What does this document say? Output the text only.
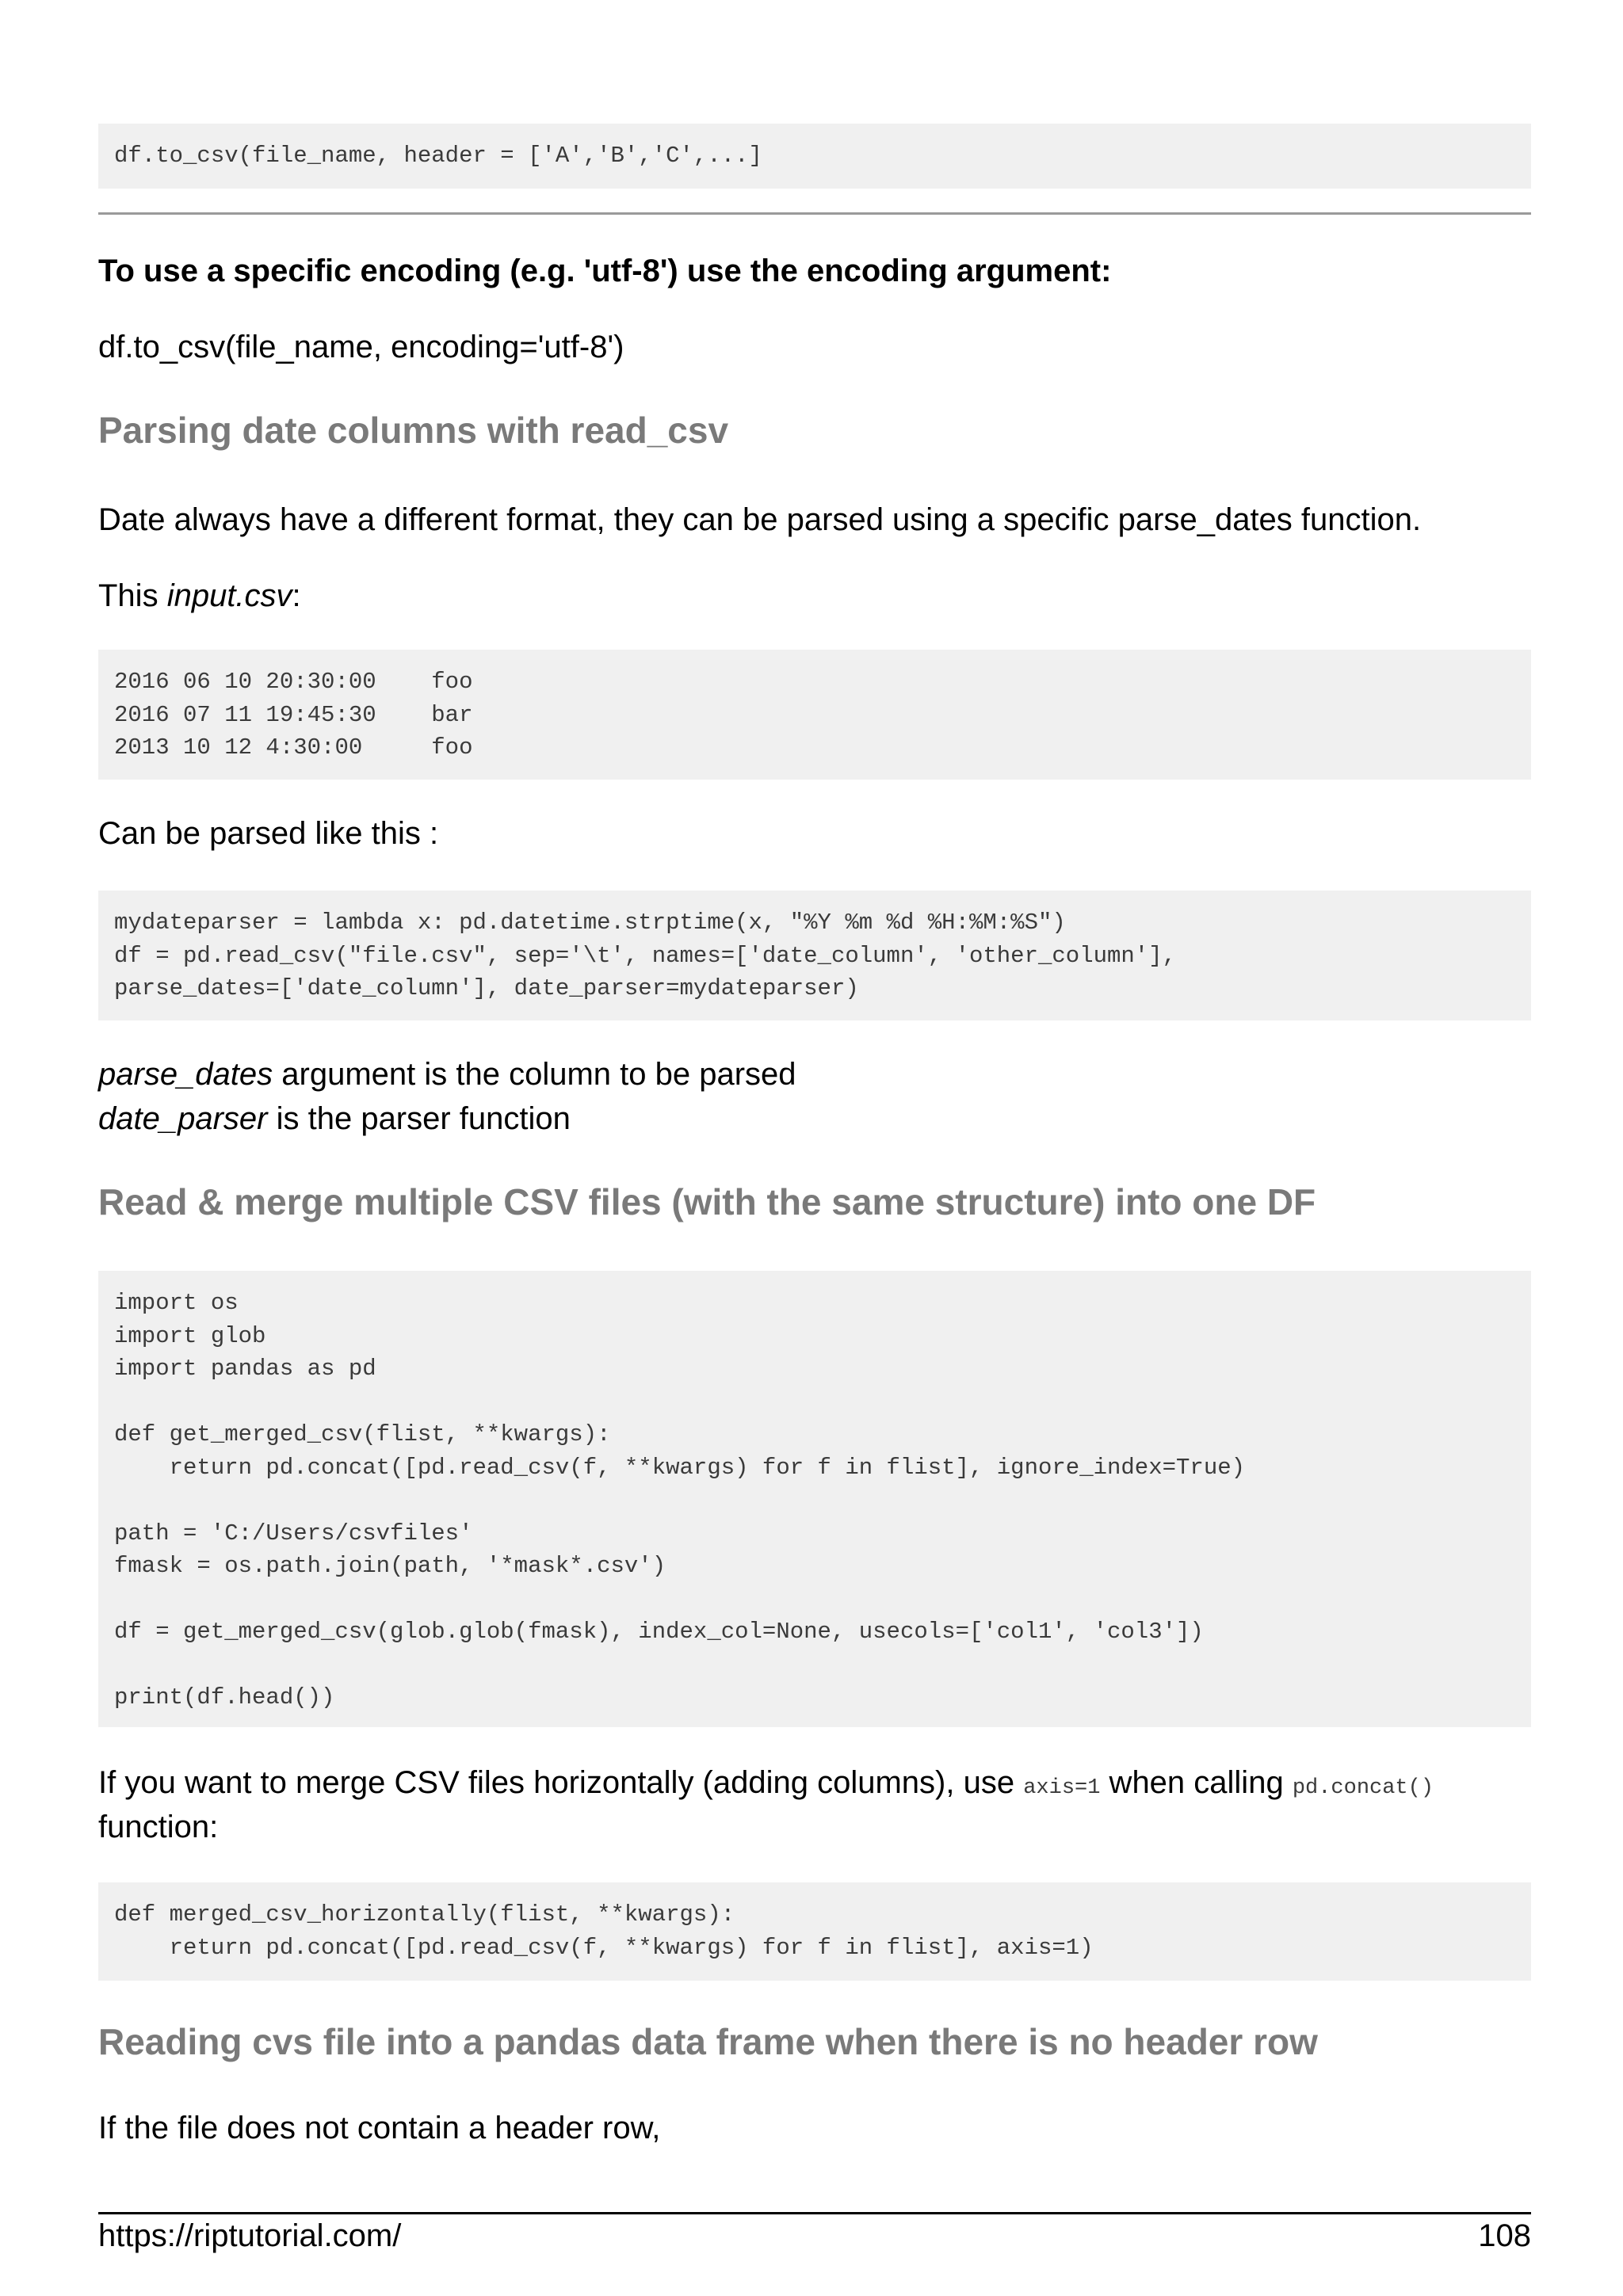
df.to_csv(file_name, header = ['A','B','C',...]
To use a specific encoding (e.g. 'utf-8') use the encoding argument:
df.to_csv(file_name, encoding='utf-8')
Parsing date columns with read_csv
Date always have a different format, they can be parsed using a specific parse_dates function.
This input.csv:
2016 06 10 20:30:00    foo
2016 07 11 19:45:30    bar
2013 10 12 4:30:00     foo
Can be parsed like this :
mydateparser = lambda x: pd.datetime.strptime(x, "%Y %m %d %H:%M:%S")
df = pd.read_csv("file.csv", sep='\t', names=['date_column', 'other_column'],
parse_dates=['date_column'], date_parser=mydateparser)
parse_dates argument is the column to be parsed
date_parser is the parser function
Read & merge multiple CSV files (with the same structure) into one DF
import os
import glob
import pandas as pd
def get_merged_csv(flist, **kwargs):
return pd.concat([pd.read_csv(f, **kwargs) for f in flist], ignore_index=True)
path = 'C:/Users/csvfiles'
fmask = os.path.join(path, '*mask*.csv')
df = get_merged_csv(glob.glob(fmask), index_col=None, usecols=['col1', 'col3'])
print(df.head())
If you want to merge CSV files horizontally (adding columns), use axis=1 when calling pd.concat()
function:
def merged_csv_horizontally(flist, **kwargs):
return pd.concat([pd.read_csv(f, **kwargs) for f in flist], axis=1)
Reading cvs file into a pandas data frame when there is no header row
If the file does not contain a header row,
https://riptutorial.com/	108
